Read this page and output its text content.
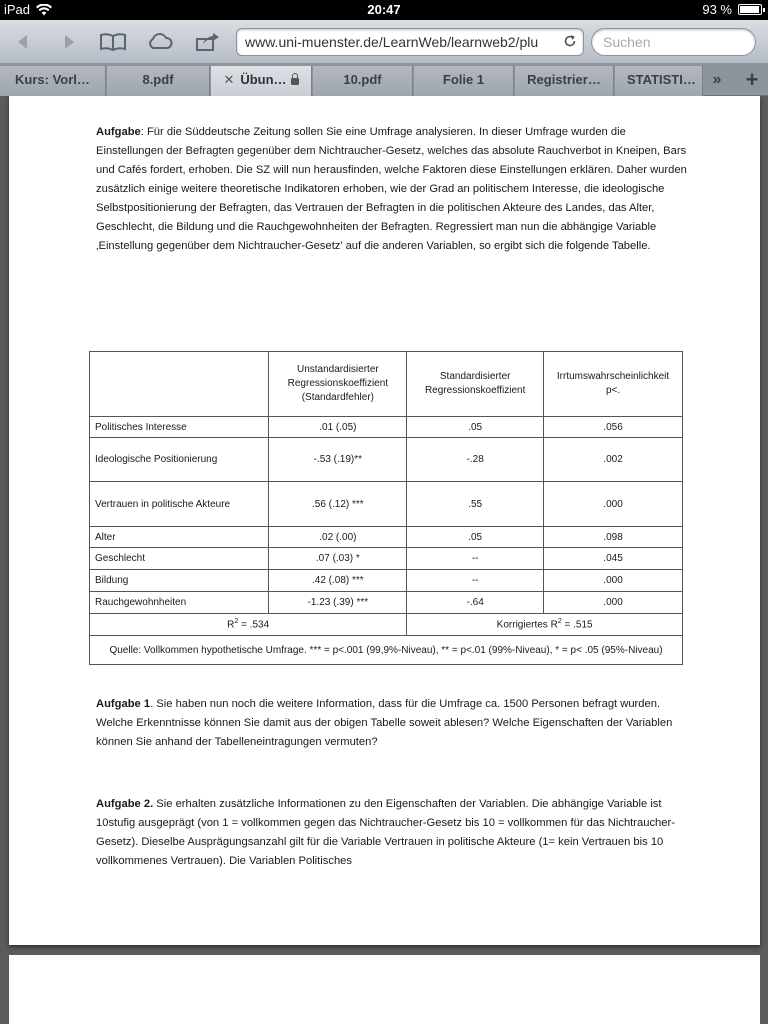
iPad	20:47	93 %
www.uni-muenster.de/LearnWeb/learnweb2/plu	Suchen
Kurs: Vorl…	8.pdf	✕ Übun…	10.pdf	Folie 1	Registrier…	STATISTI…	»	+
Aufgabe: Für die Süddeutsche Zeitung sollen Sie eine Umfrage analysieren. In dieser Umfrage wurden die Einstellungen der Befragten gegenüber dem Nichtraucher-Gesetz, welches das absolute Rauchverbot in Kneipen, Bars und Cafés fordert, erhoben. Die SZ will nun herausfinden, welche Faktoren diese Einstellungen erklären. Daher wurden zusätzlich einige weitere theoretische Indikatoren erhoben, wie der Grad an politischem Interesse, die ideologische Selbstpositionierung der Befragten, das Vertrauen der Befragten in die politischen Akteure des Landes, das Alter, Geschlecht, die Bildung und die Rauchgewohnheiten der Befragten. Regressiert man nun die abhängige Variable ‚Einstellung gegenüber dem Nichtraucher-Gesetz’ auf die anderen Variablen, so ergibt sich die folgende Tabelle.
	Unstandardisierter Regressionskoeffizient (Standardfehler)	Standardisierter Regressionskoeffizient	Irrtumswahrscheinlichkeit p<.
Politisches Interesse	.01 (.05)	.05	.056
Ideologische Positionierung	-.53 (.19)**	-.28	.002
Vertrauen in politische Akteure	.56 (.12) ***	.55	.000
Alter	.02 (.00)	.05	.098
Geschlecht	.07 (.03) *	--	.045
Bildung	.42 (.08) ***	--	.000
Rauchgewohnheiten	-1.23 (.39) ***	-.64	.000
$R^2 = .534$		Korrigiertes $R^2 = .515$	
Quelle: Vollkommen hypothetische Umfrage. *** = p<.001 (99,9%-Niveau), ** = p<.01 (99%-Niveau), * = p< .05 (95%-Niveau)			
Aufgabe 1. Sie haben nun noch die weitere Information, dass für die Umfrage ca. 1500 Personen befragt wurden. Welche Erkenntnisse können Sie damit aus der obigen Tabelle soweit ablesen? Welche Eigenschaften der Variablen können Sie anhand der Tabelleneintragungen vermuten?
Aufgabe 2. Sie erhalten zusätzliche Informationen zu den Eigenschaften der Variablen. Die abhängige Variable ist 10stufig ausgeprägt (von 1 = vollkommen gegen das Nichtraucher-Gesetz bis 10 = vollkommen für das Nichtraucher-Gesetz). Dieselbe Ausprägungsanzahl gilt für die Variable Vertrauen in politische Akteure (1= kein Vertrauen bis 10 vollkommenes Vertrauen). Die Variablen Politisches
